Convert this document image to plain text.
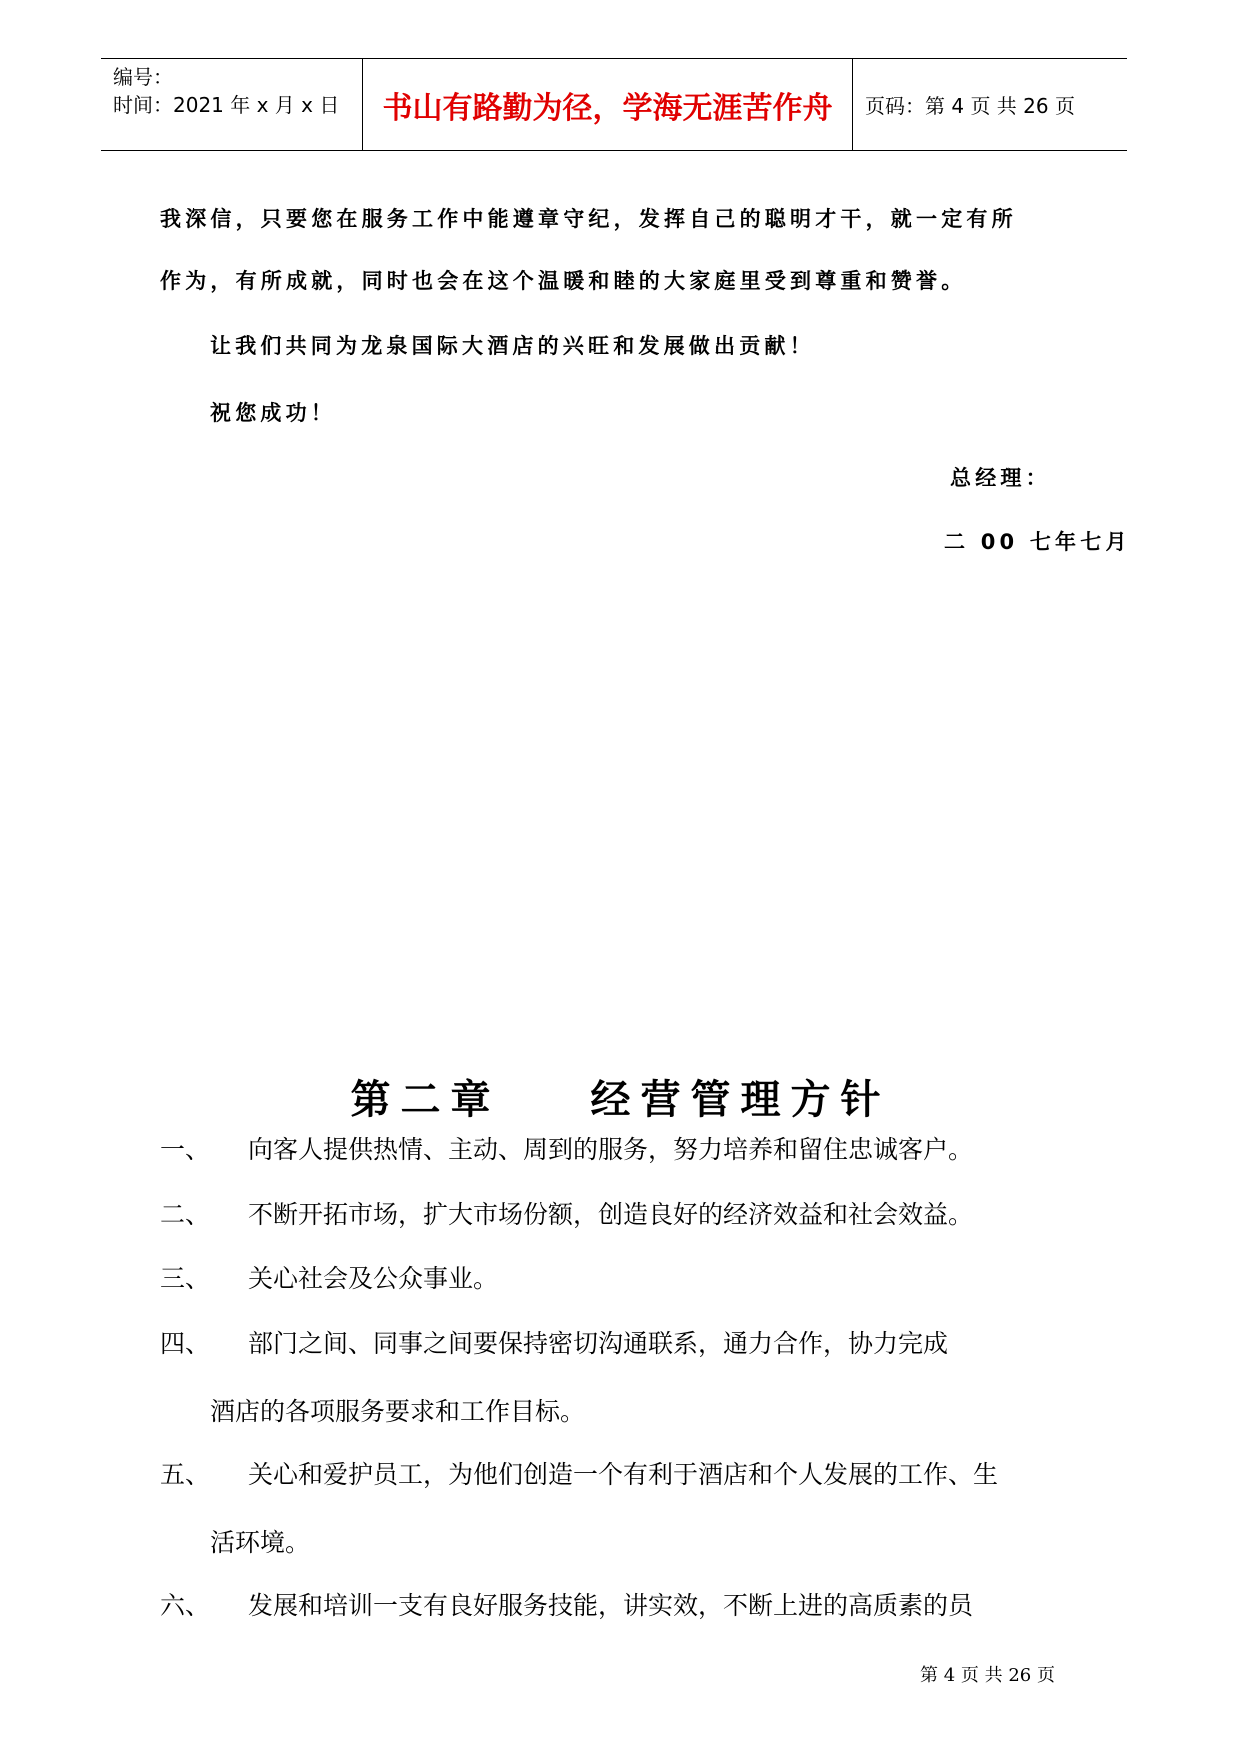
编号：
时间：2021 年 x 月 x 日	书山有路勤为径，学海无涯苦作舟	页码：第 4 页 共 26 页
我深信，只要您在服务工作中能遵章守纪，发挥自己的聪明才干，就一定有所
作为，有所成就，同时也会在这个温暖和睦的大家庭里受到尊重和赞誉。
让我们共同为龙泉国际大酒店的兴旺和发展做出贡献！
祝您成功！
总经理：
二 00 七年七月
第二章 经营管理方针
一、 向客人提供热情、主动、周到的服务，努力培养和留住忠诚客户。
二、 不断开拓市场，扩大市场份额，创造良好的经济效益和社会效益。
三、 关心社会及公众事业。
四、 部门之间、同事之间要保持密切沟通联系，通力合作，协力完成
酒店的各项服务要求和工作目标。
五、 关心和爱护员工，为他们创造一个有利于酒店和个人发展的工作、生
活环境。
六、 发展和培训一支有良好服务技能，讲实效，不断上进的高质素的员
第 4 页 共 26 页
